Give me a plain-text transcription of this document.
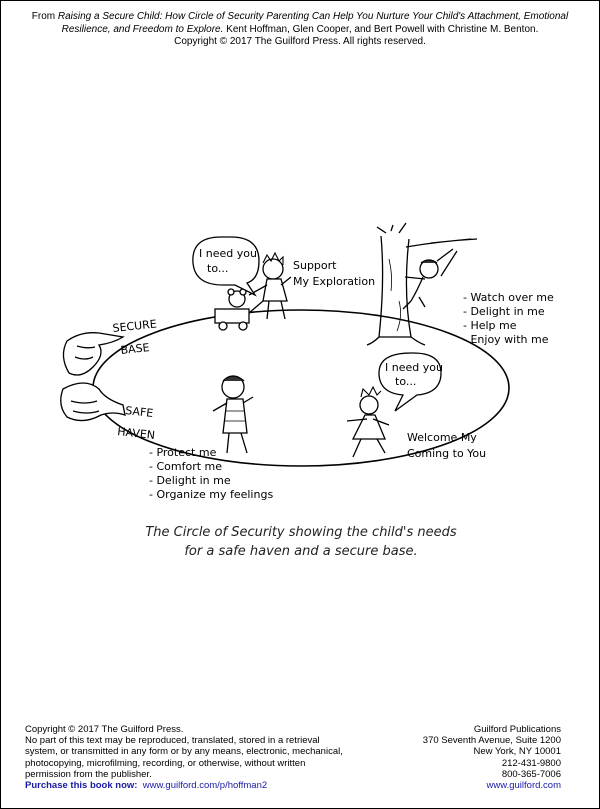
From Raising a Secure Child: How Circle of Security Parenting Can Help You Nurture Your Child's Attachment, Emotional Resilience, and Freedom to Explore. Kent Hoffman, Glen Cooper, and Bert Powell with Christine M. Benton.
Copyright © 2017 The Guilford Press. All rights reserved.
I need you
to...
I need you
to...
Support
My Exploration
SECURE
BASE
SAFE
HAVEN
- Watch over me
- Delight in me
- Help me
- Enjoy with me
Welcome My
Coming to You
- Protect me
- Comfort me
- Delight in me
- Organize my feelings
The Circle of Security showing the child's needs
for a safe haven and a secure base.
Copyright © 2017 The Guilford Press.
No part of this text may be reproduced, translated, stored in a retrieval
system, or transmitted in any form or by any means, electronic, mechanical,
photocopying, microfilming, recording, or otherwise, without written
permission from the publisher.
Purchase this book now: www.guilford.com/p/hoffman2
Guilford Publications
370 Seventh Avenue, Suite 1200
New York, NY 10001
212-431-9800
800-365-7006
www.guilford.com
